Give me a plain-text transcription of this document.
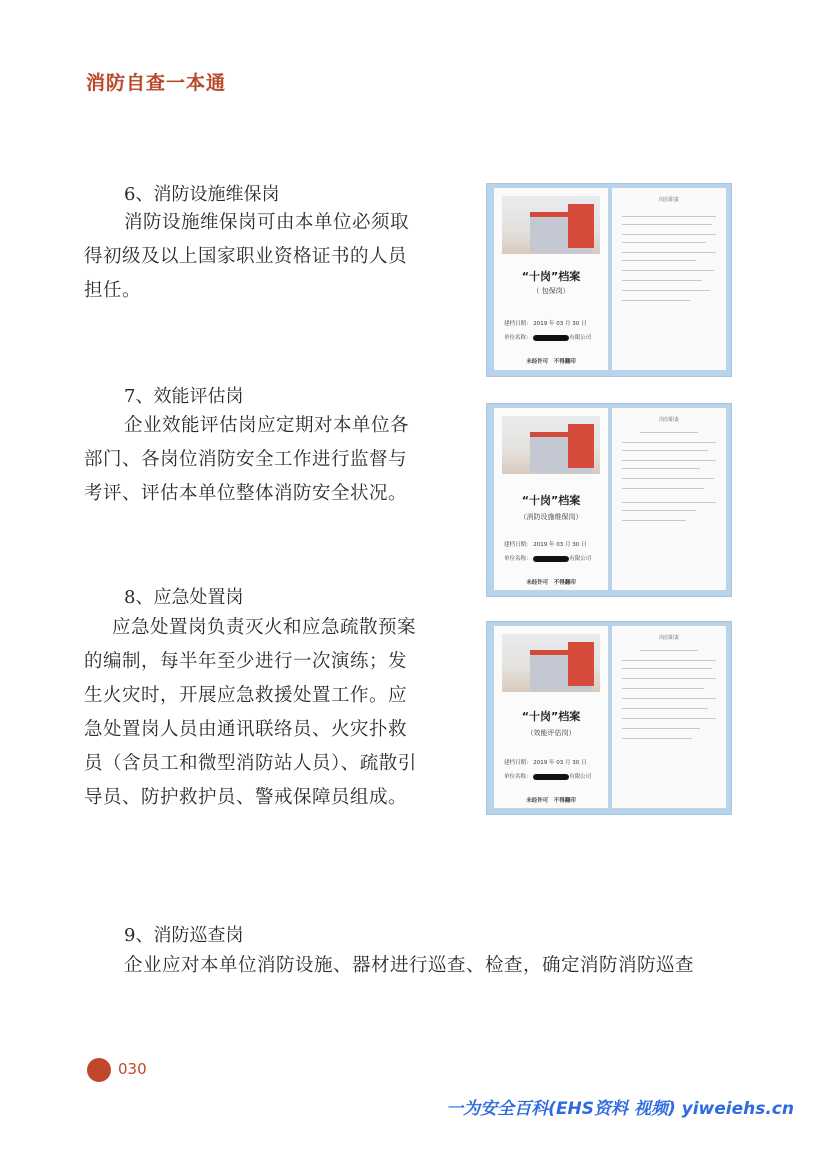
消防自查一本通
6、消防设施维保岗
消防设施维保岗可由本单位必须取得初级及以上国家职业资格证书的人员担任。
7、效能评估岗
企业效能评估岗应定期对本单位各部门、各岗位消防安全工作进行监督与考评、评估本单位整体消防安全状况。
8、应急处置岗
应急处置岗负责灭火和应急疏散预案的编制，每半年至少进行一次演练；发生火灾时，开展应急救援处置工作。应急处置岗人员由通讯联络员、火灾扑救员（含员工和微型消防站人员）、疏散引导员、防护救护员、警戒保障员组成。
9、消防巡查岗
企业应对本单位消防设施、器材进行巡查、检查，确定消防消防巡查
“十岗”档案
（ 包保岗）
建档日期： 2019 年 03 月 30 日
单位名称：	有限公司
未经许可　不得翻印
岗位职责
“十岗”档案
（消防设施维保岗）
建档日期： 2019 年 03 月 30 日
单位名称：	有限公司
未经许可　不得翻印
岗位职责
“十岗”档案
（效能评估岗）
建档日期： 2019 年 03 月 30 日
单位名称：	有限公司
未经许可　不得翻印
岗位职责
030
一为安全百科(EHS资料 视频) yiweiehs.cn
